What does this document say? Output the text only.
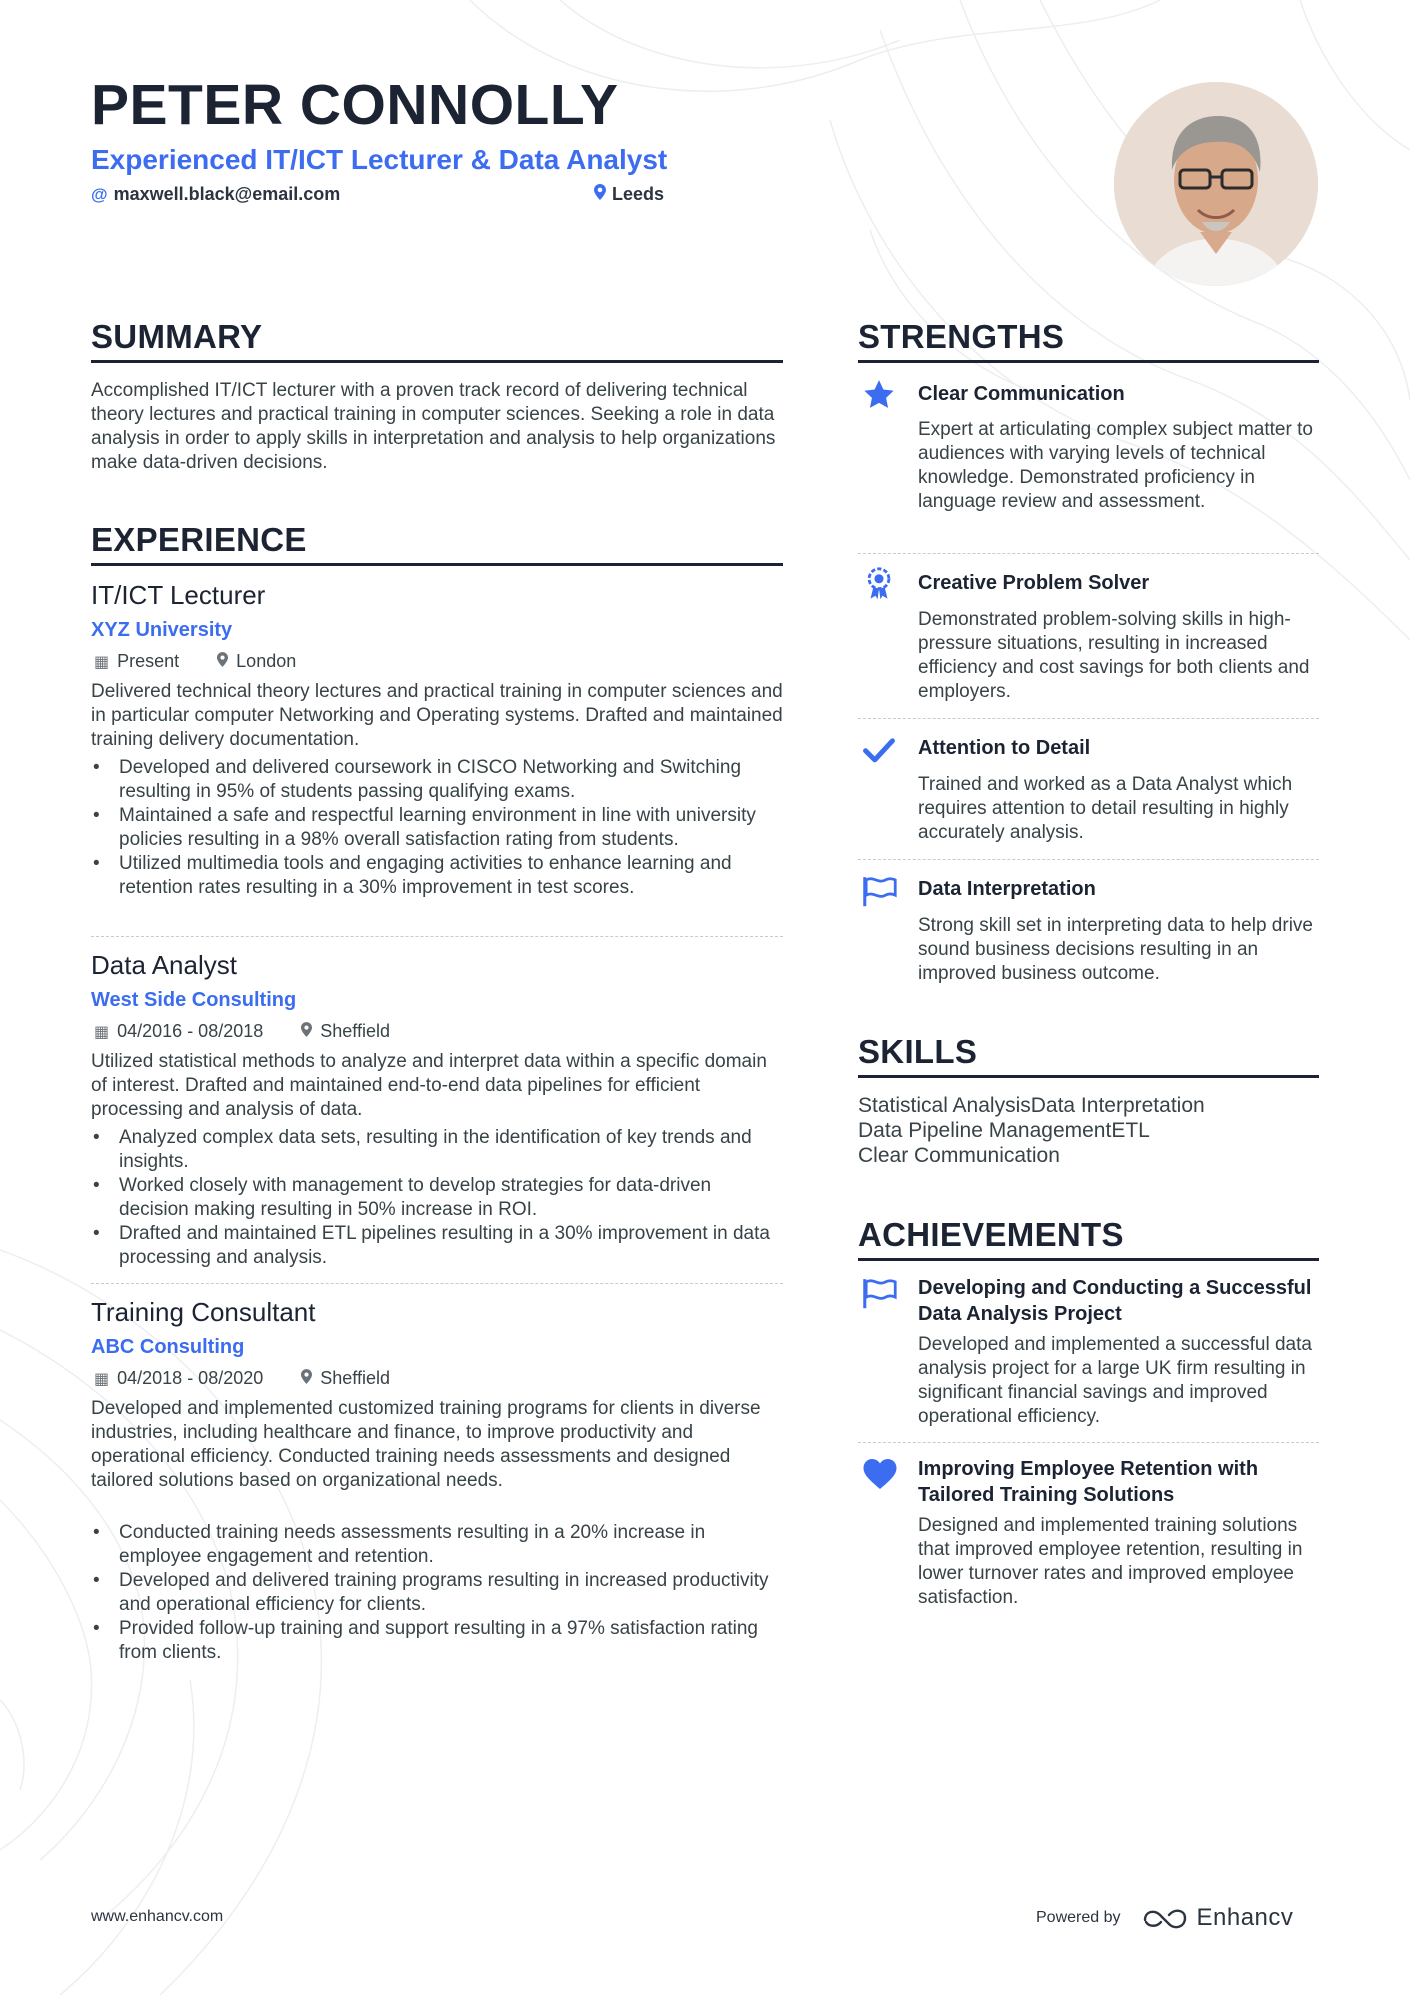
PETER CONNOLLY
Experienced IT/ICT Lecturer & Data Analyst
@ maxwell.black@email.com	Leeds
SUMMARY

Accomplished IT/ICT lecturer with a proven track record of delivering technical theory lectures and practical training in computer sciences. Seeking a role in data analysis in order to apply skills in interpretation and analysis to help organizations make data-driven decisions.

EXPERIENCE

IT/ICT Lecturer

XYZ University

▦ Present	London

Delivered technical theory lectures and practical training in computer sciences and in particular computer Networking and Operating systems. Drafted and maintained training delivery documentation.

• Developed and delivered coursework in CISCO Networking and Switching resulting in 95% of students passing qualifying exams.
• Maintained a safe and respectful learning environment in line with university policies resulting in a 98% overall satisfaction rating from students.
• Utilized multimedia tools and engaging activities to enhance learning and retention rates resulting in a 30% improvement in test scores.

Data Analyst

West Side Consulting

▦ 04/2016 - 08/2018	Sheffield

Utilized statistical methods to analyze and interpret data within a specific domain of interest. Drafted and maintained end-to-end data pipelines for efficient processing and analysis of data.

• Analyzed complex data sets, resulting in the identification of key trends and insights.
• Worked closely with management to develop strategies for data-driven decision making resulting in 50% increase in ROI.
• Drafted and maintained ETL pipelines resulting in a 30% improvement in data processing and analysis.

Training Consultant

ABC Consulting

▦ 04/2018 - 08/2020	Sheffield

Developed and implemented customized training programs for clients in diverse industries, including healthcare and finance, to improve productivity and operational efficiency. Conducted training needs assessments and designed tailored solutions based on organizational needs.

• Conducted training needs assessments resulting in a 20% increase in employee engagement and retention.
• Developed and delivered training programs resulting in increased productivity and operational efficiency for clients.
• Provided follow-up training and support resulting in a 97% satisfaction rating from clients.
STRENGTHS

Clear Communication

Expert at articulating complex subject matter to audiences with varying levels of technical knowledge. Demonstrated proficiency in language review and assessment.

Creative Problem Solver

Demonstrated problem-solving skills in high-pressure situations, resulting in increased efficiency and cost savings for both clients and employers.

Attention to Detail

Trained and worked as a Data Analyst which requires attention to detail resulting in highly accurately analysis.

Data Interpretation

Strong skill set in interpreting data to help drive sound business decisions resulting in an improved business outcome.

SKILLS
Statistical AnalysisData Interpretation
Data Pipeline ManagementETL
Clear Communication
ACHIEVEMENTS

Developing and Conducting a Successful Data Analysis Project

Developed and implemented a successful data analysis project for a large UK firm resulting in significant financial savings and improved operational efficiency.

Improving Employee Retention with Tailored Training Solutions

Designed and implemented training solutions that improved employee retention, resulting in lower turnover rates and improved employee satisfaction.

www.enhancv.com	Powered by	Enhancv
